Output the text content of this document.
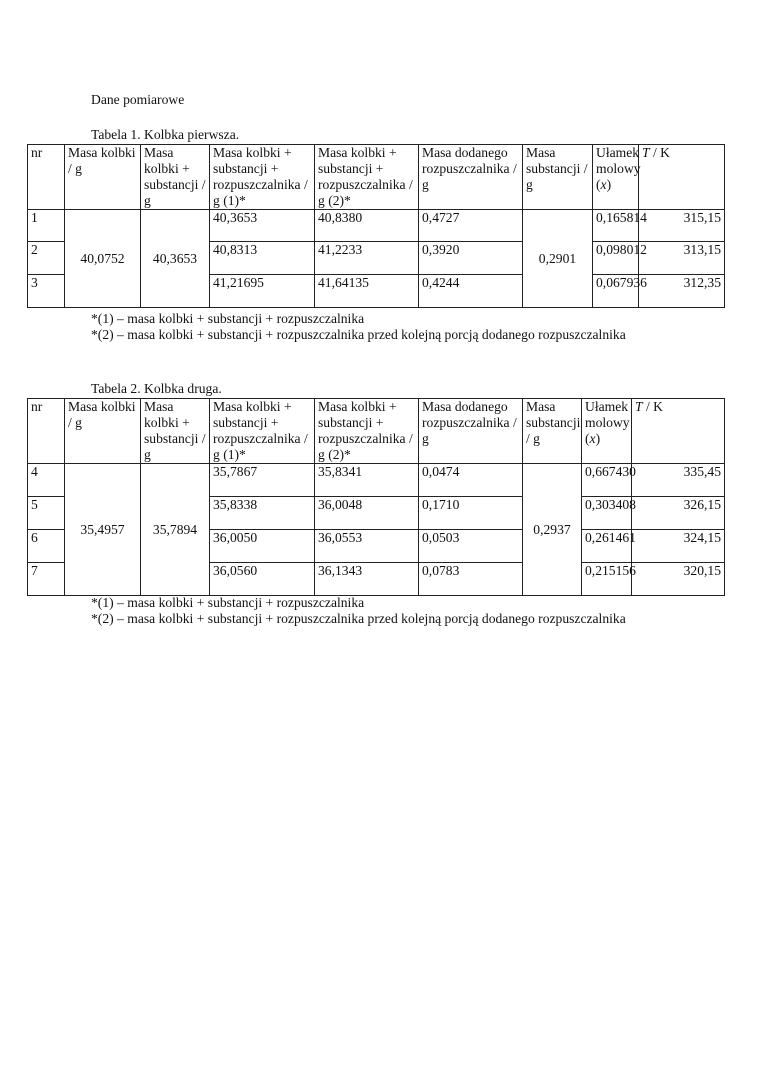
Dane pomiarowe

Tabela 1. Kolbka pierwsza.

nr	Masa kolbki / g	Masa kolbki + substancji / g	Masa kolbki + substancji + rozpuszczalnika / g (1)*	Masa kolbki + substancji + rozpuszczalnika / g (2)*	Masa dodanego rozpuszczalnika / g	Masa substancji / g	Ułamek molowy (x)	T / K
1	40,0752	40,3653	40,3653	40,8380	0,4727	0,2901	0,165814	315,15
2			40,8313	41,2233	0,3920		0,098012	313,15
3			41,21695	41,64135	0,4244		0,067936	312,35

*(1) – masa kolbki + substancji + rozpuszczalnika

*(2) – masa kolbki + substancji + rozpuszczalnika przed kolejną porcją dodanego rozpuszczalnika

Tabela 2. Kolbka druga.

nr	Masa kolbki / g	Masa kolbki + substancji / g	Masa kolbki + substancji + rozpuszczalnika / g (1)*	Masa kolbki + substancji + rozpuszczalnika / g (2)*	Masa dodanego rozpuszczalnika / g	Masa substancji / g	Ułamek molowy (x)	T / K
4	35,4957	35,7894	35,7867	35,8341	0,0474	0,2937	0,667430	335,45
5			35,8338	36,0048	0,1710		0,303408	326,15
6			36,0050	36,0553	0,0503		0,261461	324,15
7			36,0560	36,1343	0,0783		0,215156	320,15

*(1) – masa kolbki + substancji + rozpuszczalnika

*(2) – masa kolbki + substancji + rozpuszczalnika przed kolejną porcją dodanego rozpuszczalnika
